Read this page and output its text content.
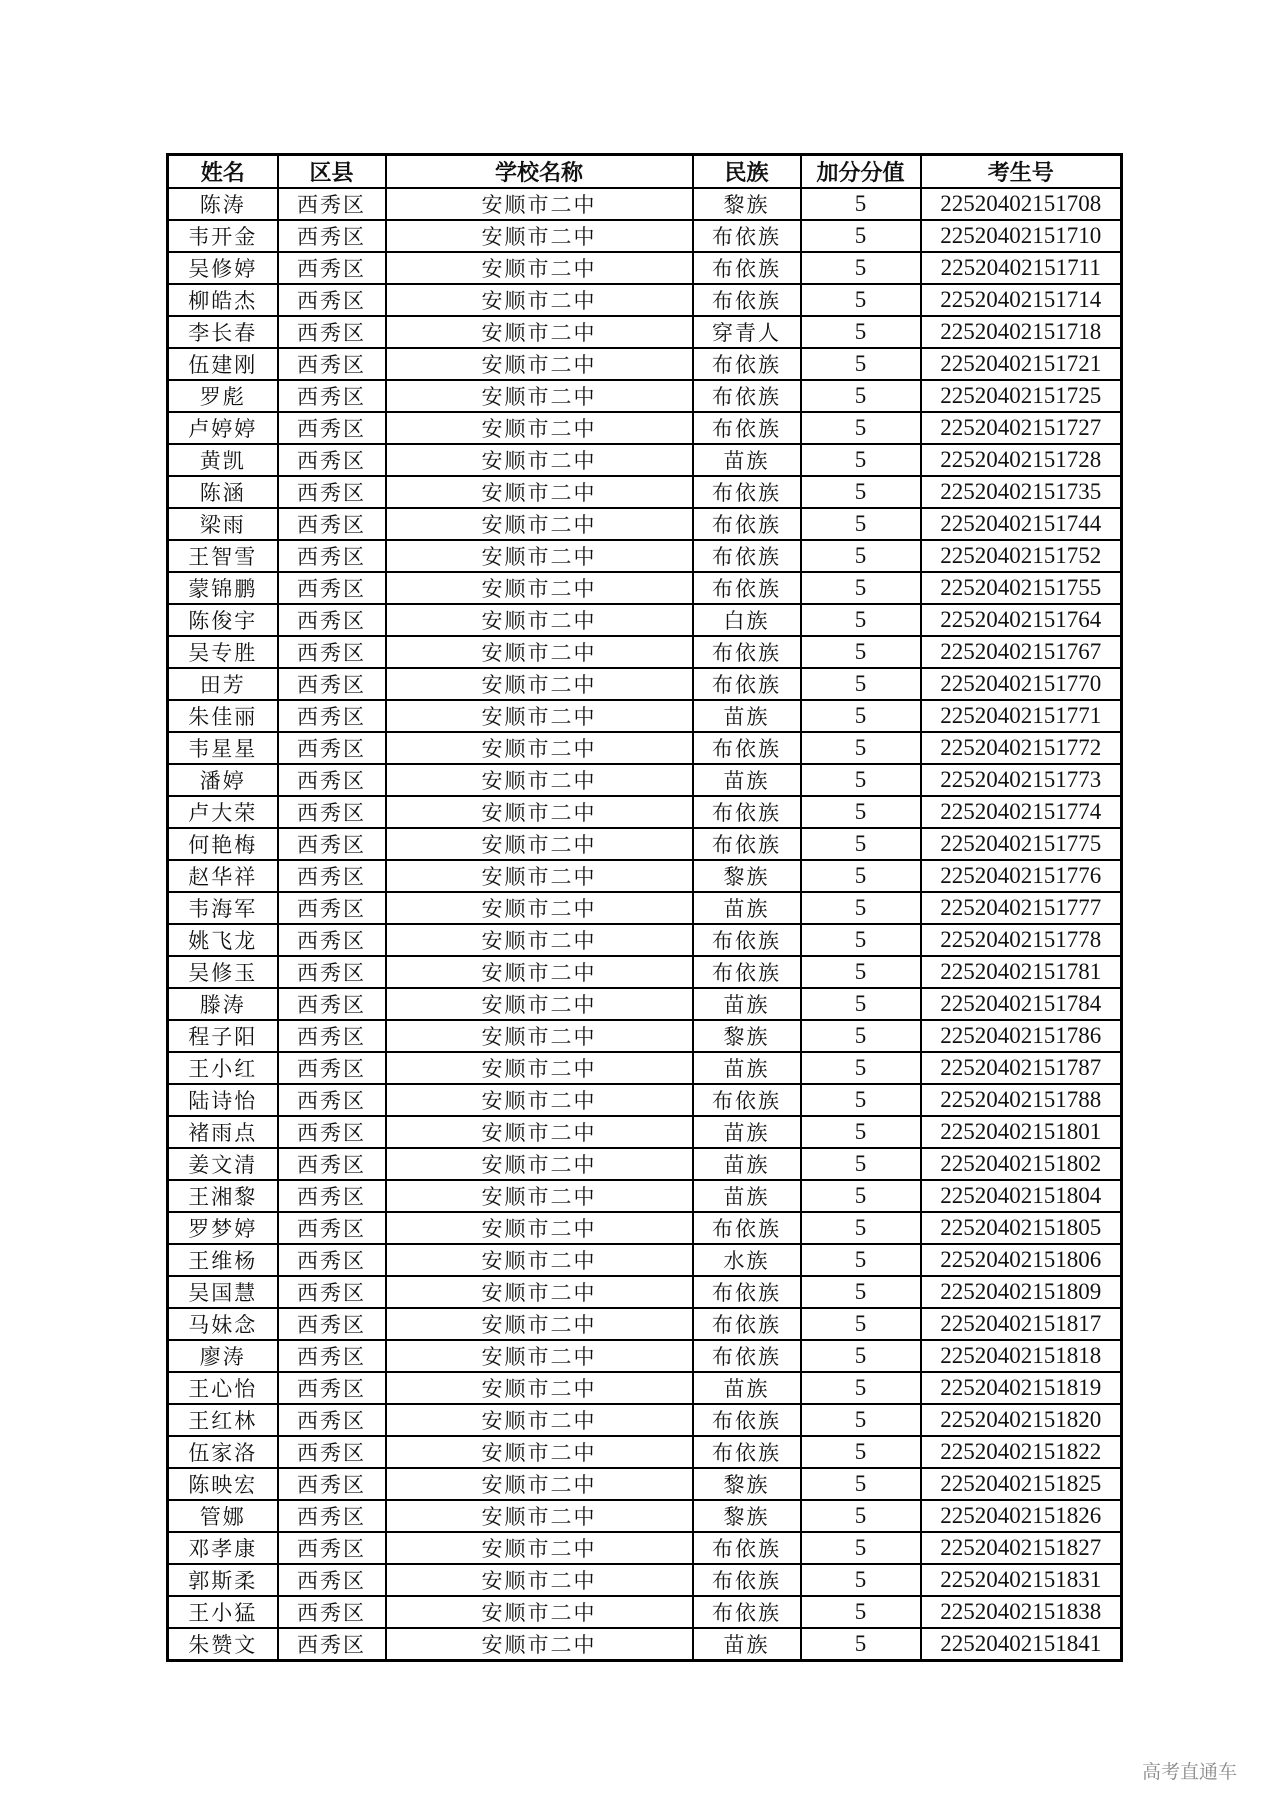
姓名	区县	学校名称	民族	加分分值	考生号
陈涛	西秀区	安顺市二中	黎族	5	22520402151708
韦开金	西秀区	安顺市二中	布依族	5	22520402151710
吴修婷	西秀区	安顺市二中	布依族	5	22520402151711
柳皓杰	西秀区	安顺市二中	布依族	5	22520402151714
李长春	西秀区	安顺市二中	穿青人	5	22520402151718
伍建刚	西秀区	安顺市二中	布依族	5	22520402151721
罗彪	西秀区	安顺市二中	布依族	5	22520402151725
卢婷婷	西秀区	安顺市二中	布依族	5	22520402151727
黄凯	西秀区	安顺市二中	苗族	5	22520402151728
陈涵	西秀区	安顺市二中	布依族	5	22520402151735
梁雨	西秀区	安顺市二中	布依族	5	22520402151744
王智雪	西秀区	安顺市二中	布依族	5	22520402151752
蒙锦鹏	西秀区	安顺市二中	布依族	5	22520402151755
陈俊宇	西秀区	安顺市二中	白族	5	22520402151764
吴专胜	西秀区	安顺市二中	布依族	5	22520402151767
田芳	西秀区	安顺市二中	布依族	5	22520402151770
朱佳丽	西秀区	安顺市二中	苗族	5	22520402151771
韦星星	西秀区	安顺市二中	布依族	5	22520402151772
潘婷	西秀区	安顺市二中	苗族	5	22520402151773
卢大荣	西秀区	安顺市二中	布依族	5	22520402151774
何艳梅	西秀区	安顺市二中	布依族	5	22520402151775
赵华祥	西秀区	安顺市二中	黎族	5	22520402151776
韦海军	西秀区	安顺市二中	苗族	5	22520402151777
姚飞龙	西秀区	安顺市二中	布依族	5	22520402151778
吴修玉	西秀区	安顺市二中	布依族	5	22520402151781
滕涛	西秀区	安顺市二中	苗族	5	22520402151784
程子阳	西秀区	安顺市二中	黎族	5	22520402151786
王小红	西秀区	安顺市二中	苗族	5	22520402151787
陆诗怡	西秀区	安顺市二中	布依族	5	22520402151788
褚雨点	西秀区	安顺市二中	苗族	5	22520402151801
姜文清	西秀区	安顺市二中	苗族	5	22520402151802
王湘黎	西秀区	安顺市二中	苗族	5	22520402151804
罗梦婷	西秀区	安顺市二中	布依族	5	22520402151805
王维杨	西秀区	安顺市二中	水族	5	22520402151806
吴国慧	西秀区	安顺市二中	布依族	5	22520402151809
马妹念	西秀区	安顺市二中	布依族	5	22520402151817
廖涛	西秀区	安顺市二中	布依族	5	22520402151818
王心怡	西秀区	安顺市二中	苗族	5	22520402151819
王红林	西秀区	安顺市二中	布依族	5	22520402151820
伍家洛	西秀区	安顺市二中	布依族	5	22520402151822
陈映宏	西秀区	安顺市二中	黎族	5	22520402151825
管娜	西秀区	安顺市二中	黎族	5	22520402151826
邓孝康	西秀区	安顺市二中	布依族	5	22520402151827
郭斯柔	西秀区	安顺市二中	布依族	5	22520402151831
王小猛	西秀区	安顺市二中	布依族	5	22520402151838
朱赞文	西秀区	安顺市二中	苗族	5	22520402151841
高考直通车
